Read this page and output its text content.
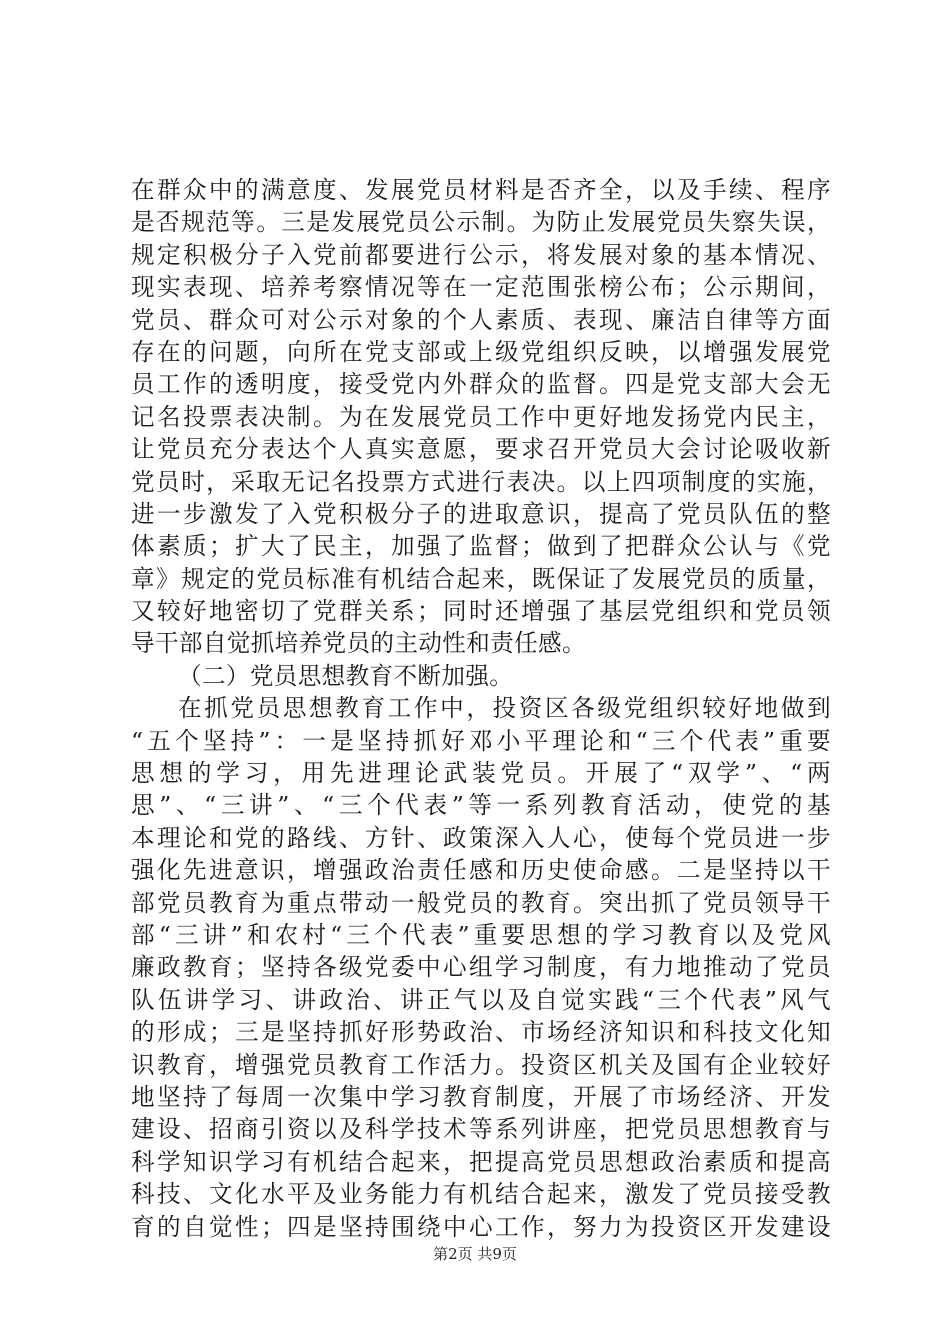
在群众中的满意度、发展党员材料是否齐全，以及手续、程序
是否规范等。三是发展党员公示制。为防止发展党员失察失误，
规定积极分子入党前都要进行公示，将发展对象的基本情况、
现实表现、培养考察情况等在一定范围张榜公布；公示期间，
党员、群众可对公示对象的个人素质、表现、廉洁自律等方面
存在的问题，向所在党支部或上级党组织反映，以增强发展党
员工作的透明度，接受党内外群众的监督。四是党支部大会无
记名投票表决制。为在发展党员工作中更好地发扬党内民主，
让党员充分表达个人真实意愿，要求召开党员大会讨论吸收新
党员时，采取无记名投票方式进行表决。以上四项制度的实施，
进一步激发了入党积极分子的进取意识，提高了党员队伍的整
体素质；扩大了民主，加强了监督；做到了把群众公认与《党
章》规定的党员标准有机结合起来，既保证了发展党员的质量，
又较好地密切了党群关系；同时还增强了基层党组织和党员领
导干部自觉抓培养党员的主动性和责任感。
（二）党员思想教育不断加强。
在抓党员思想教育工作中，投资区各级党组织较好地做到
“五个坚持”：一是坚持抓好邓小平理论和“三个代表”重要
思想的学习，用先进理论武装党员。开展了“双学”、“两
思”、“三讲”、“三个代表”等一系列教育活动，使党的基
本理论和党的路线、方针、政策深入人心，使每个党员进一步
强化先进意识，增强政治责任感和历史使命感。二是坚持以干
部党员教育为重点带动一般党员的教育。突出抓了党员领导干
部“三讲”和农村“三个代表”重要思想的学习教育以及党风
廉政教育；坚持各级党委中心组学习制度，有力地推动了党员
队伍讲学习、讲政治、讲正气以及自觉实践“三个代表”风气
的形成；三是坚持抓好形势政治、市场经济知识和科技文化知
识教育，增强党员教育工作活力。投资区机关及国有企业较好
地坚持了每周一次集中学习教育制度，开展了市场经济、开发
建设、招商引资以及科学技术等系列讲座，把党员思想教育与
科学知识学习有机结合起来，把提高党员思想政治素质和提高
科技、文化水平及业务能力有机结合起来，激发了党员接受教
育的自觉性；四是坚持围绕中心工作，努力为投资区开发建设
第2页 共9页
